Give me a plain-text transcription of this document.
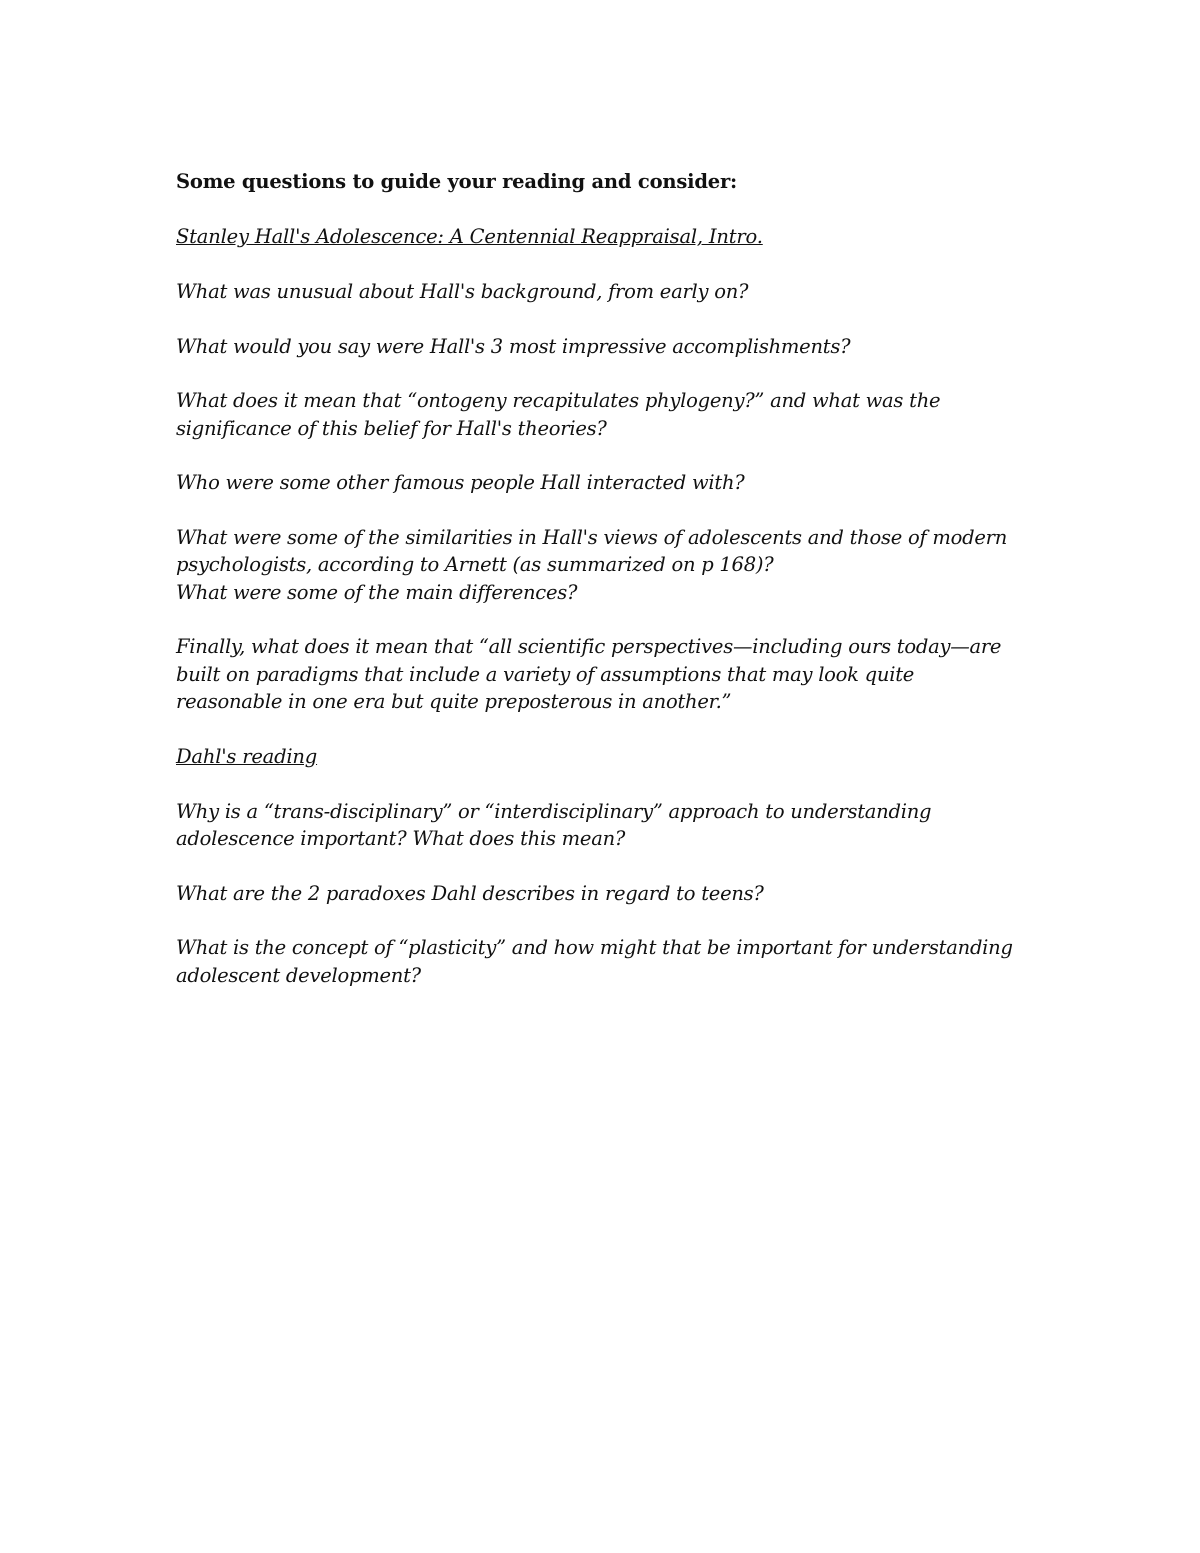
Some questions to guide your reading and consider:

Stanley Hall's Adolescence: A Centennial Reappraisal, Intro.

What was unusual about Hall's background, from early on?

What would you say were Hall's 3 most impressive accomplishments?

What does it mean that “ontogeny recapitulates phylogeny?” and what was the
significance of this belief for Hall's theories?

Who were some other famous people Hall interacted with?

What were some of the similarities in Hall's views of adolescents and those of modern
psychologists, according to Arnett (as summarized on p 168)?
What were some of the main differences?

Finally, what does it mean that “all scientific perspectives—including ours today—are
built on paradigms that include a variety of assumptions that may look quite
reasonable in one era but quite preposterous in another.”

Dahl's reading

Why is a “trans-disciplinary” or “interdisciplinary” approach to understanding
adolescence important? What does this mean?

What are the 2 paradoxes Dahl describes in regard to teens?

What is the concept of “plasticity” and how might that be important for understanding
adolescent development?
